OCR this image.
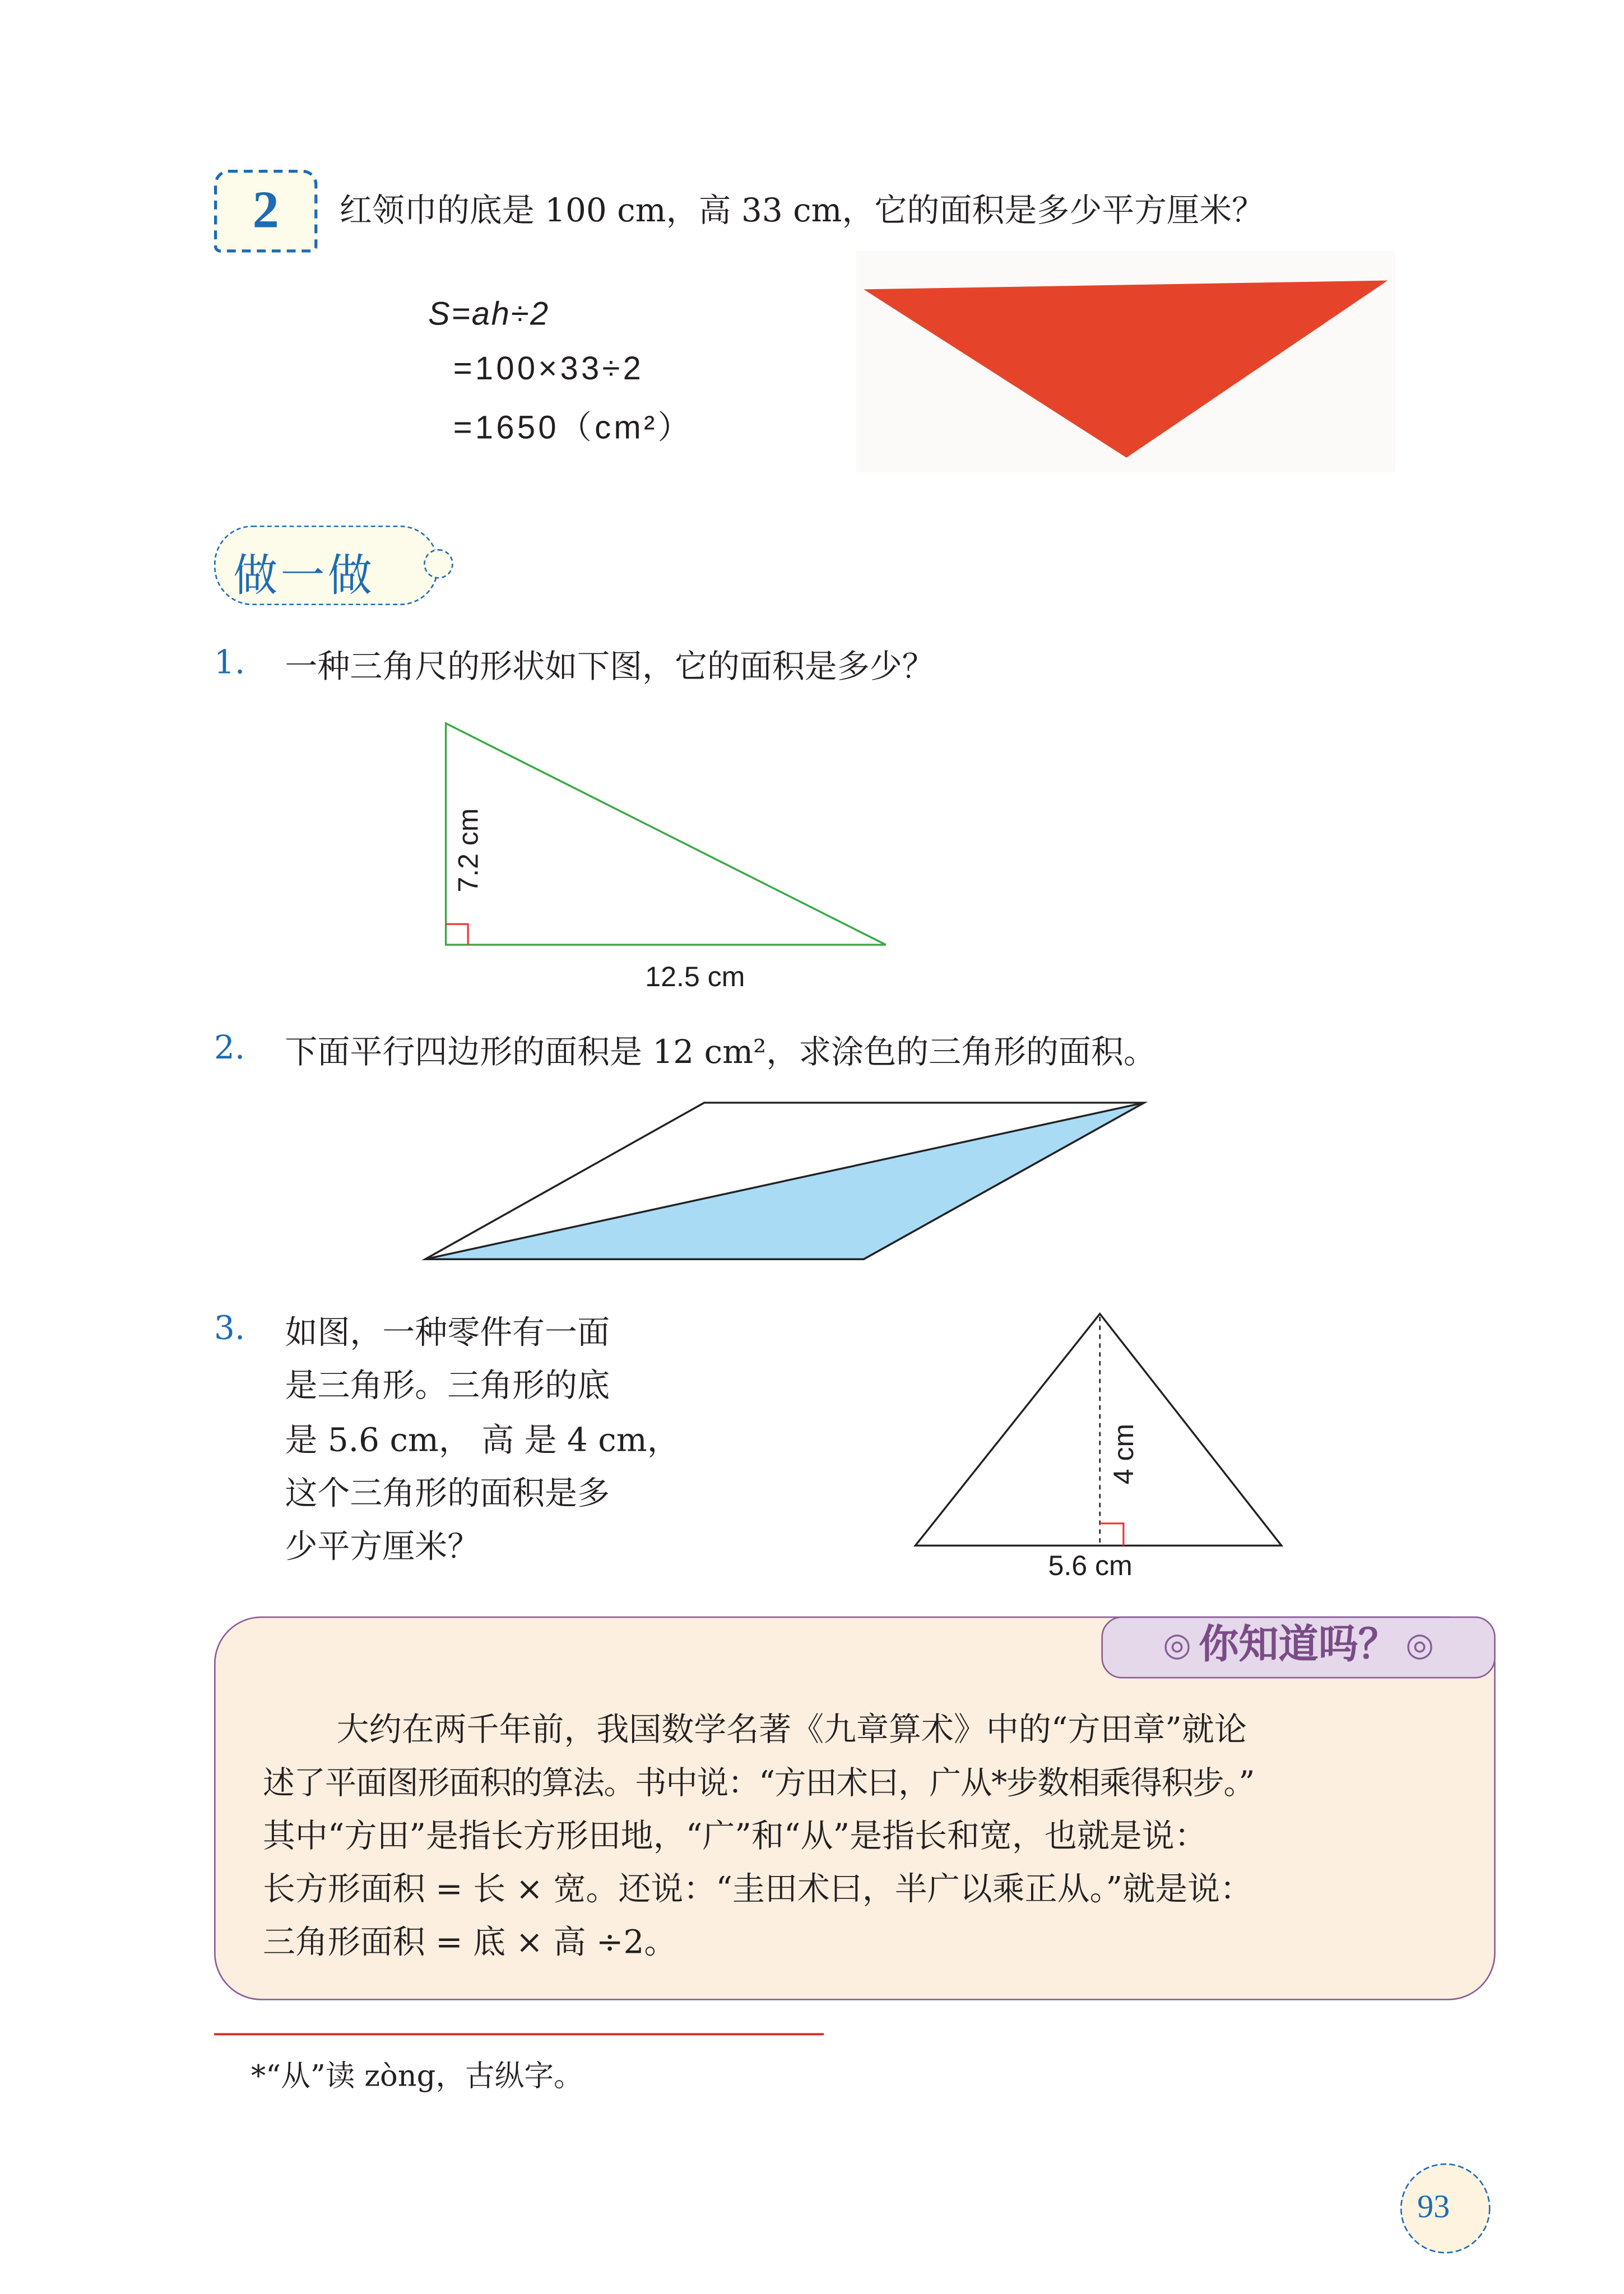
2	红领巾的底是 100 cm，高 33 cm，它的面积是多少平方厘米？
S=ah÷2
=100×33÷2
=1650（cm²）
做一做
1.	一种三角尺的形状如下图，它的面积是多少？
7.2 cm
12.5 cm
2.	下面平行四边形的面积是 12 cm²，求涂色的三角形的面积。
3.	如图，一种零件有一面
是三角形。三角形的底
是 5.6 cm， 高 是 4 cm，
这个三角形的面积是多
少平方厘米？
4 cm
5.6 cm
◎ 你知道吗？ ◎
大约在两千年前，我国数学名著《九章算术》中的“方田章”就论
述了平面图形面积的算法。书中说：“方田术曰，广从*步数相乘得积步。”
其中“方田”是指长方形田地，“广”和“从”是指长和宽，也就是说：
长方形面积 = 长 × 宽。还说：“圭田术曰，半广以乘正从。”就是说：
三角形面积 = 底 × 高 ÷2。
*“从”读 zòng，古纵字。
93
